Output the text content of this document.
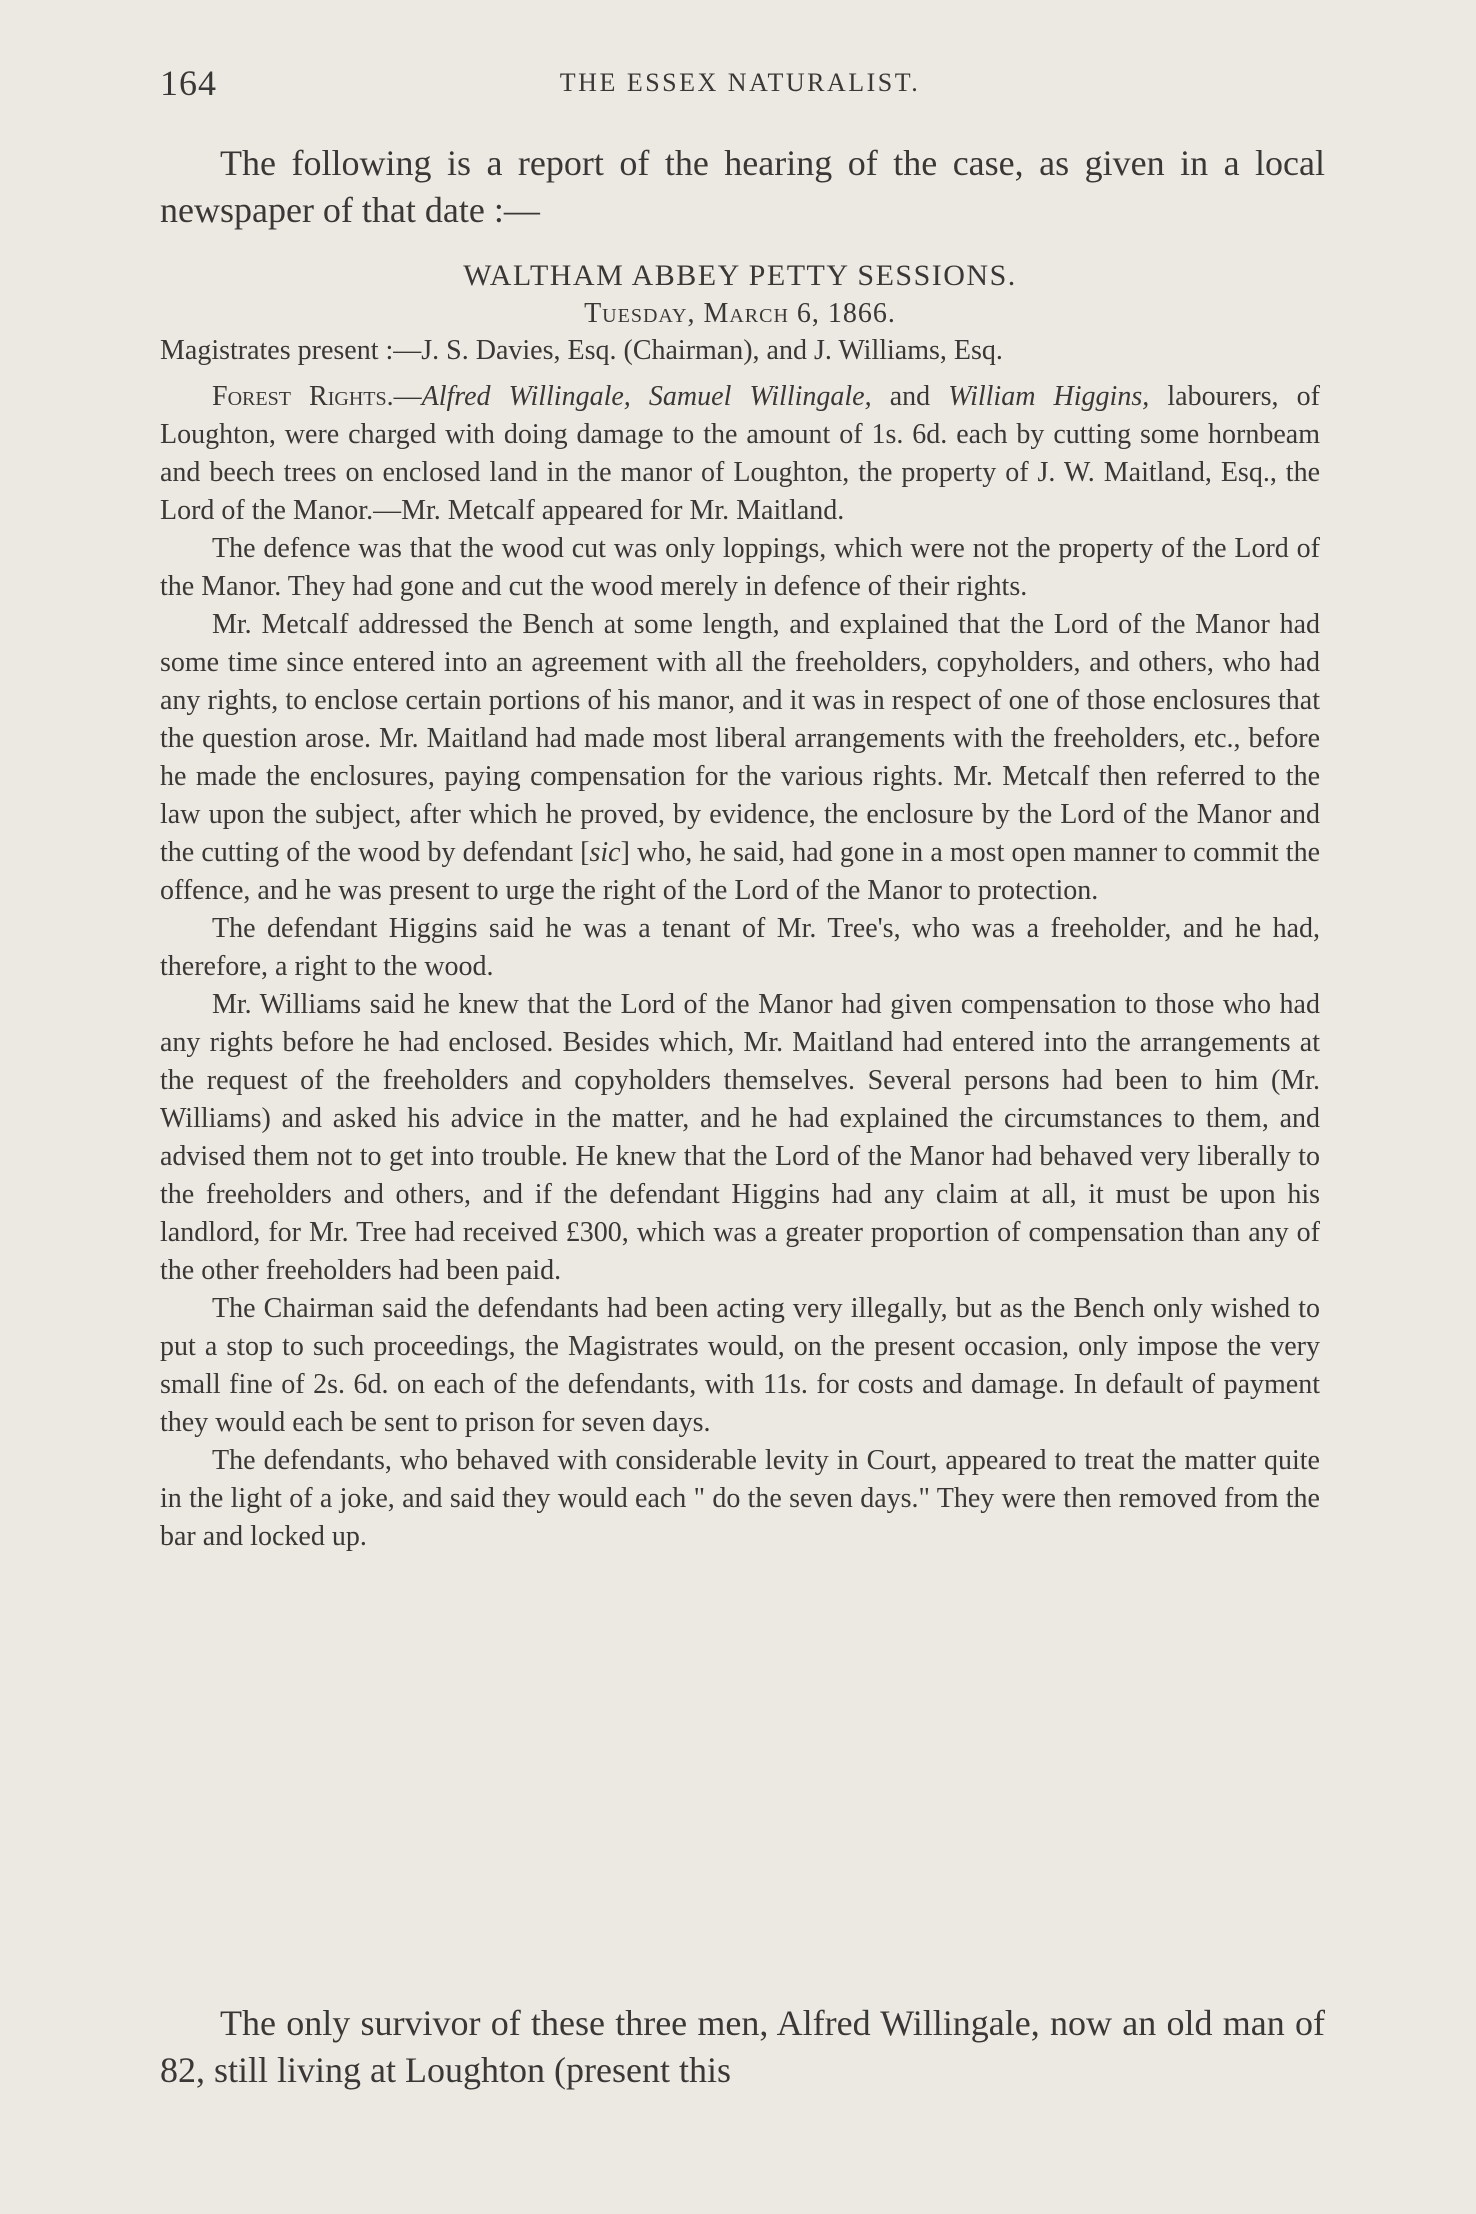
164	THE ESSEX NATURALIST.

The following is a report of the hearing of the case, as given in a local newspaper of that date :—

WALTHAM ABBEY PETTY SESSIONS.

Tuesday, March 6, 1866.

Magistrates present :—J. S. Davies, Esq. (Chairman), and J. Williams, Esq.

Forest Rights.—Alfred Willingale, Samuel Willingale, and William Higgins, labourers, of Loughton, were charged with doing damage to the amount of 1s. 6d. each by cutting some hornbeam and beech trees on enclosed land in the manor of Loughton, the property of J. W. Maitland, Esq., the Lord of the Manor.—Mr. Metcalf appeared for Mr. Maitland.

The defence was that the wood cut was only loppings, which were not the property of the Lord of the Manor. They had gone and cut the wood merely in defence of their rights.

Mr. Metcalf addressed the Bench at some length, and explained that the Lord of the Manor had some time since entered into an agreement with all the freeholders, copyholders, and others, who had any rights, to enclose certain portions of his manor, and it was in respect of one of those enclosures that the question arose. Mr. Maitland had made most liberal arrangements with the freeholders, etc., before he made the enclosures, paying compensation for the various rights. Mr. Metcalf then referred to the law upon the subject, after which he proved, by evidence, the enclosure by the Lord of the Manor and the cutting of the wood by defendant [sic] who, he said, had gone in a most open manner to commit the offence, and he was present to urge the right of the Lord of the Manor to protection.

The defendant Higgins said he was a tenant of Mr. Tree's, who was a freeholder, and he had, therefore, a right to the wood.

Mr. Williams said he knew that the Lord of the Manor had given compensation to those who had any rights before he had enclosed. Besides which, Mr. Maitland had entered into the arrangements at the request of the freeholders and copyholders themselves. Several persons had been to him (Mr. Williams) and asked his advice in the matter, and he had explained the circumstances to them, and advised them not to get into trouble. He knew that the Lord of the Manor had behaved very liberally to the freeholders and others, and if the defendant Higgins had any claim at all, it must be upon his landlord, for Mr. Tree had received £300, which was a greater proportion of compensation than any of the other freeholders had been paid.

The Chairman said the defendants had been acting very illegally, but as the Bench only wished to put a stop to such proceedings, the Magistrates would, on the present occasion, only impose the very small fine of 2s. 6d. on each of the defendants, with 11s. for costs and damage. In default of payment they would each be sent to prison for seven days.

The defendants, who behaved with considerable levity in Court, appeared to treat the matter quite in the light of a joke, and said they would each " do the seven days." They were then removed from the bar and locked up.

The only survivor of these three men, Alfred Willingale, now an old man of 82, still living at Loughton (present this
